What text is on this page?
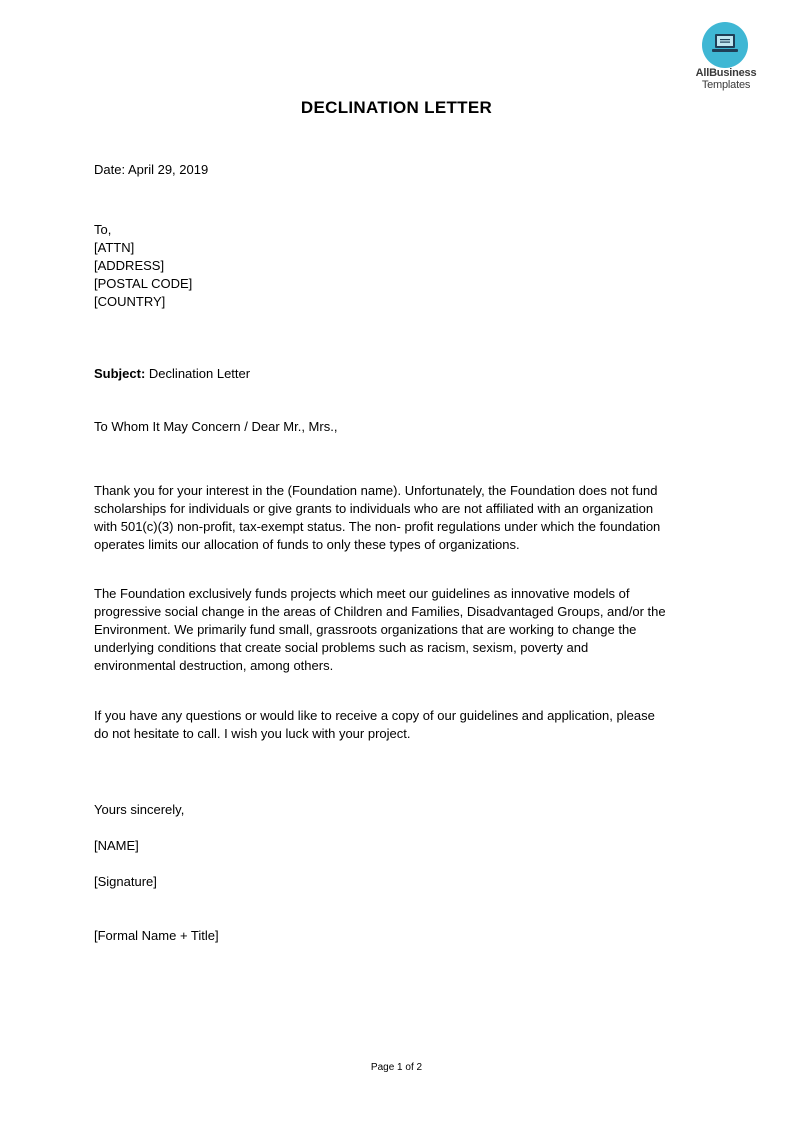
AllBusiness
Templates
DECLINATION LETTER
Date: April 29, 2019
To,
[ATTN]
[ADDRESS]
[POSTAL CODE]
[COUNTRY]
Subject: Declination Letter
To Whom It May Concern / Dear Mr., Mrs.,
Thank you for your interest in the (Foundation name). Unfortunately, the Foundation does not fund
scholarships for individuals or give grants to individuals who are not affiliated with an organization
with 501(c)(3) non-profit, tax-exempt status. The non- profit regulations under which the foundation
operates limits our allocation of funds to only these types of organizations.
The Foundation exclusively funds projects which meet our guidelines as innovative models of
progressive social change in the areas of Children and Families, Disadvantaged Groups, and/or the
Environment. We primarily fund small, grassroots organizations that are working to change the
underlying conditions that create social problems such as racism, sexism, poverty and
environmental destruction, among others.
If you have any questions or would like to receive a copy of our guidelines and application, please
do not hesitate to call. I wish you luck with your project.
Yours sincerely,
[NAME]
[Signature]
[Formal Name + Title]
Page 1 of 2
